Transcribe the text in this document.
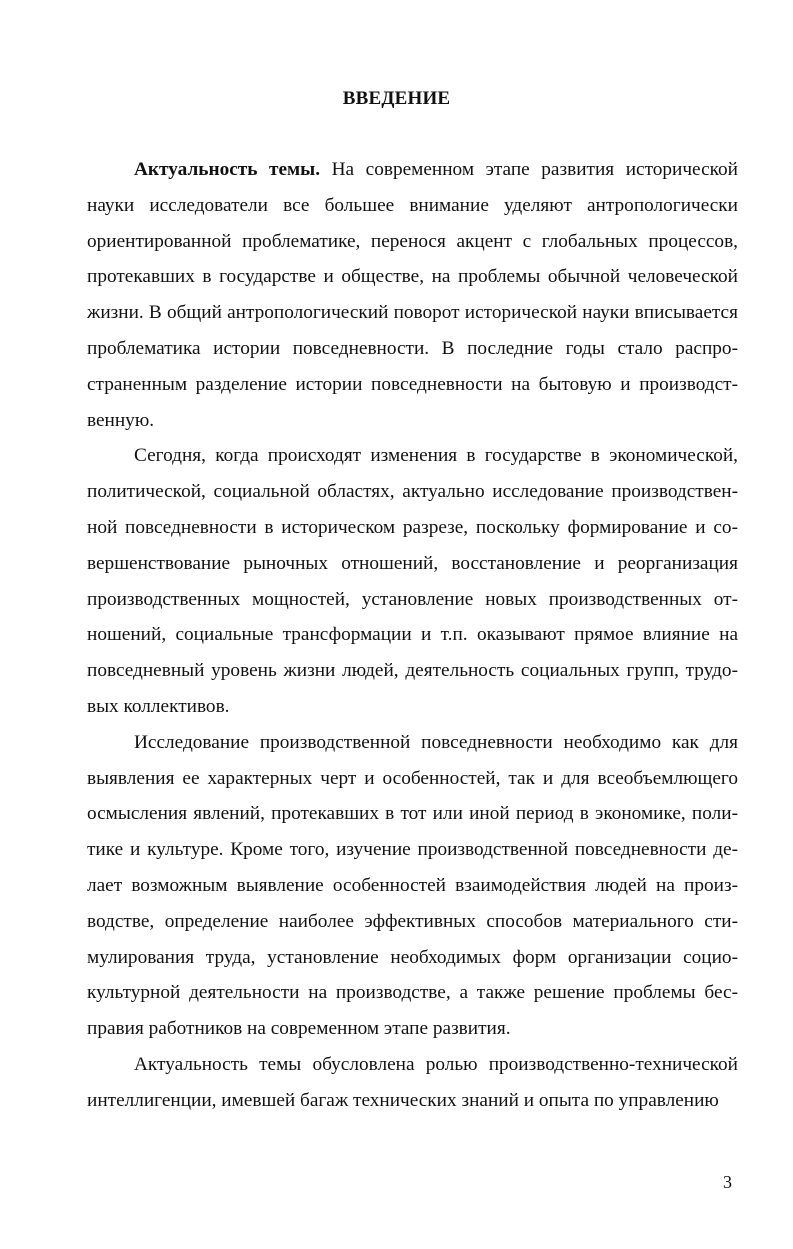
ВВЕДЕНИЕ

Актуальность темы. На современном этапе развития исторической науки исследователи все большее внимание уделяют антропологически ориентированной проблематике, перенося акцент с глобальных процессов, протекавших в государстве и обществе, на проблемы обычной человеческой жизни. В общий антропологический поворот исторической науки вписывается проблематика истории повседневности. В последние годы стало распространенным разделение истории повседневности на бытовую и производственную.

Сегодня, когда происходят изменения в государстве в экономической, политической, социальной областях, актуально исследование производственной повседневности в историческом разрезе, поскольку формирование и совершенствование рыночных отношений, восстановление и реорганизация производственных мощностей, установление новых производственных отношений, социальные трансформации и т.п. оказывают прямое влияние на повседневный уровень жизни людей, деятельность социальных групп, трудовых коллективов.

Исследование производственной повседневности необходимо как для выявления ее характерных черт и особенностей, так и для всеобъемлющего осмысления явлений, протекавших в тот или иной период в экономике, политике и культуре. Кроме того, изучение производственной повседневности делает возможным выявление особенностей взаимодействия людей на производстве, определение наиболее эффективных способов материального стимулирования труда, установление необходимых форм организации социокультурной деятельности на производстве, а также решение проблемы бесправия работников на современном этапе развития.

Актуальность темы обусловлена ролью производственно-технической интеллигенции, имевшей багаж технических знаний и опыта по управлению

3
